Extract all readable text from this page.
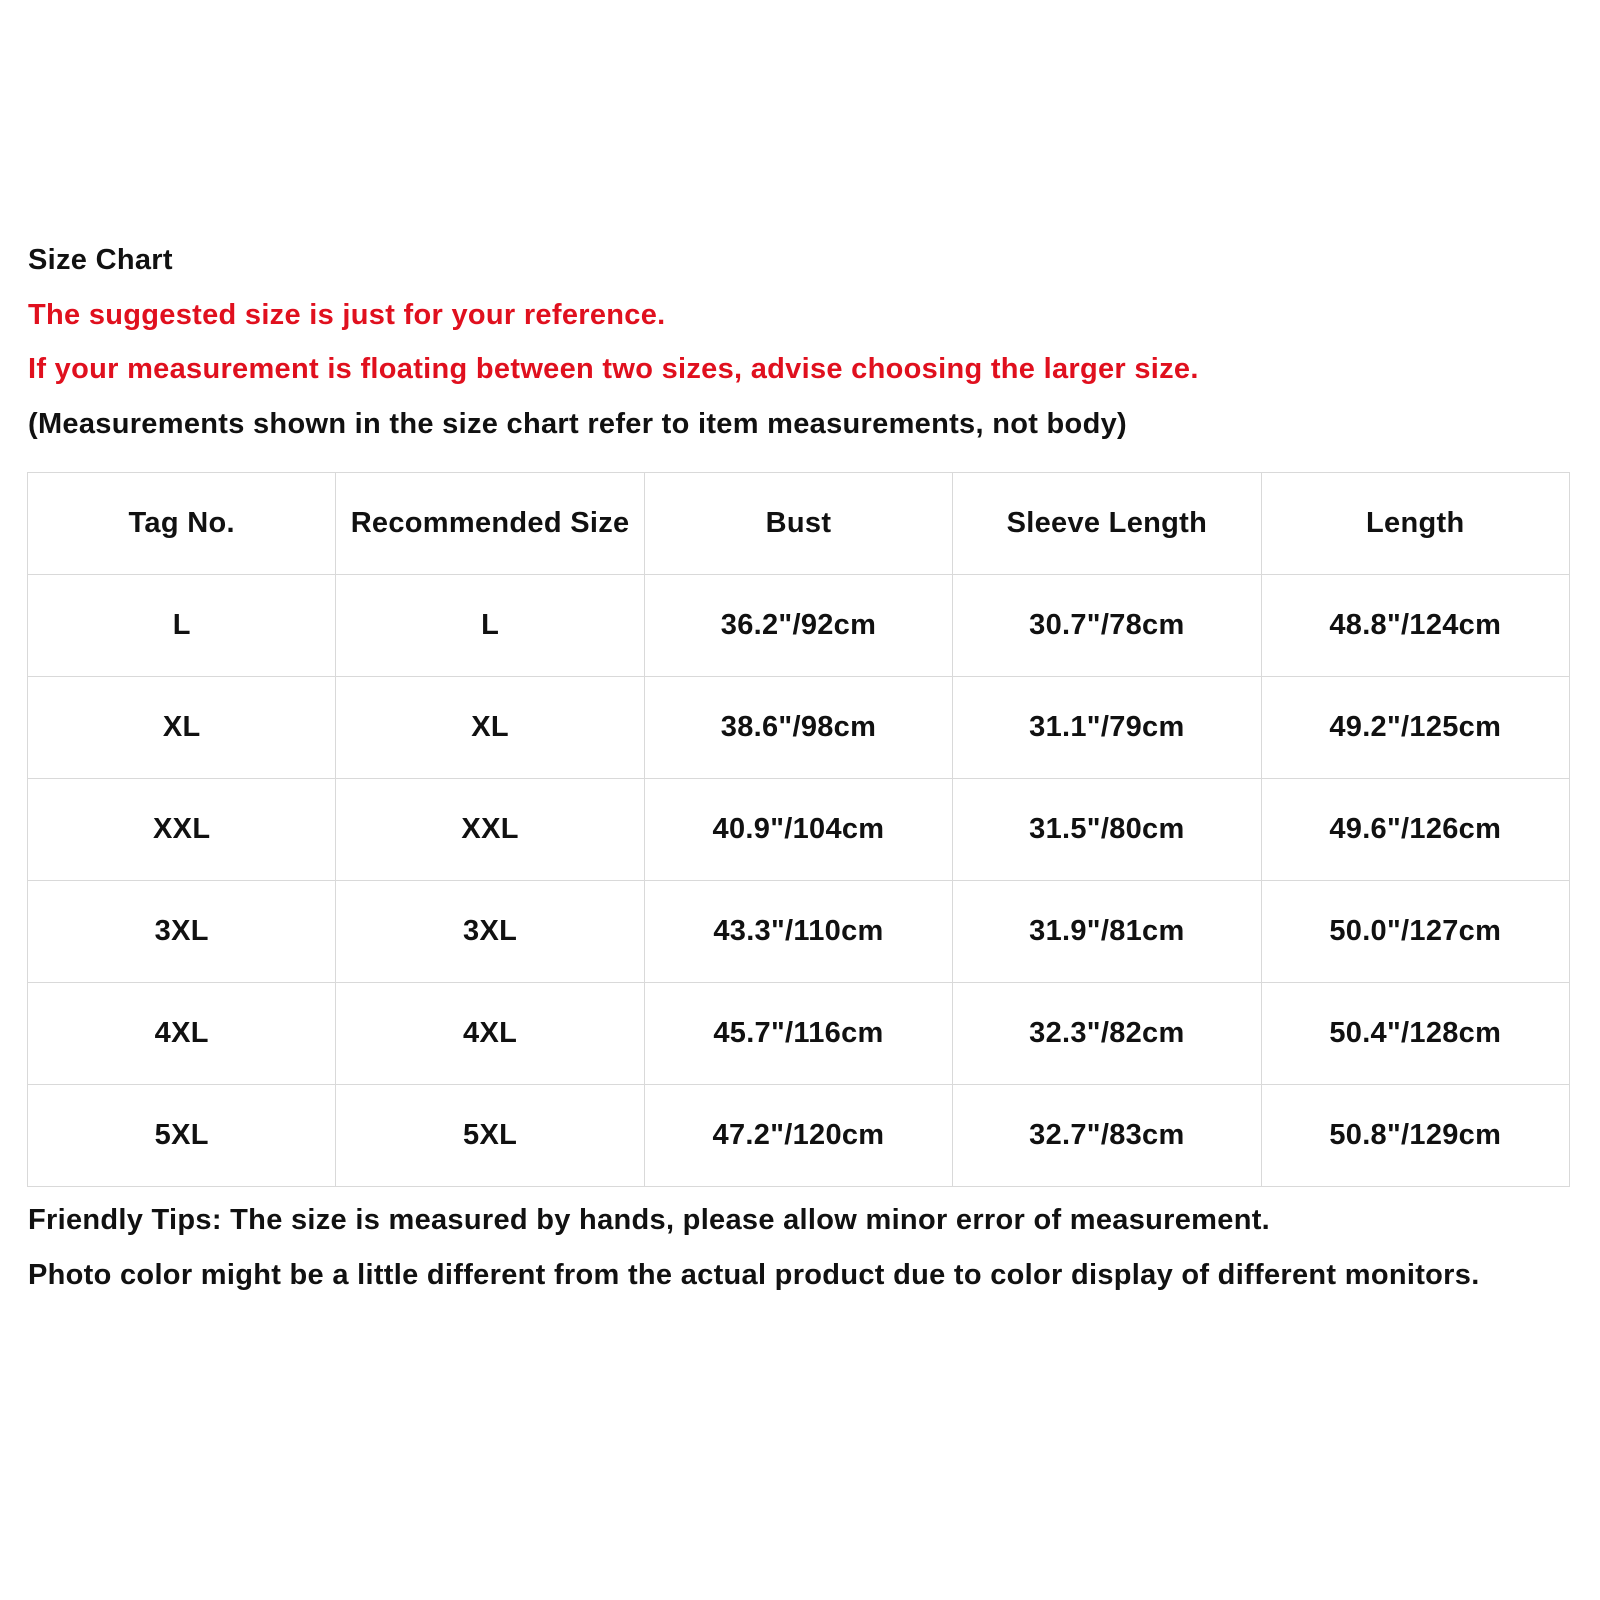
Size Chart
The suggested size is just for your reference.
If your measurement is floating between two sizes, advise choosing the larger size.
(Measurements shown in the size chart refer to item measurements, not body)
Tag No.	Recommended Size	Bust	Sleeve Length	Length
L	L	36.2"/92cm	30.7"/78cm	48.8"/124cm
XL	XL	38.6"/98cm	31.1"/79cm	49.2"/125cm
XXL	XXL	40.9"/104cm	31.5"/80cm	49.6"/126cm
3XL	3XL	43.3"/110cm	31.9"/81cm	50.0"/127cm
4XL	4XL	45.7"/116cm	32.3"/82cm	50.4"/128cm
5XL	5XL	47.2"/120cm	32.7"/83cm	50.8"/129cm
Friendly Tips: The size is measured by hands, please allow minor error of measurement.
Photo color might be a little different from the actual product due to color display of different monitors.
